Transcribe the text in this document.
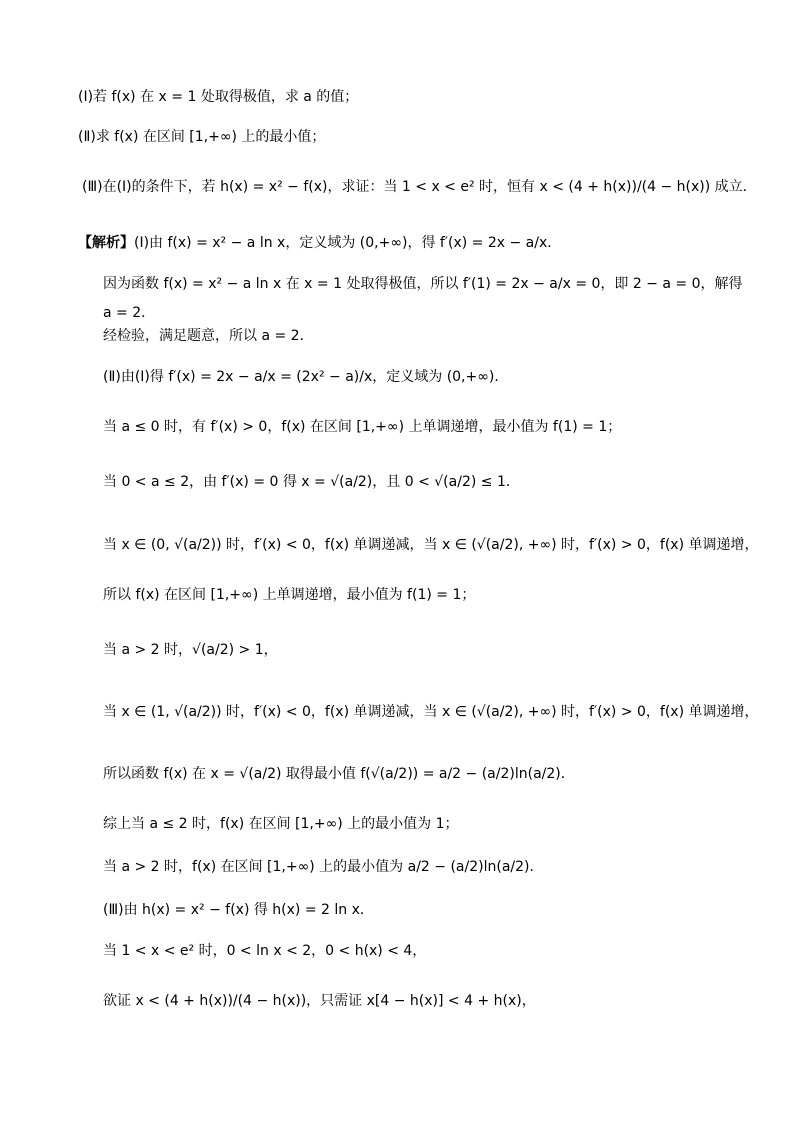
(Ⅰ)若 f(x) 在 x = 1 处取得极值，求 a 的值；
(Ⅱ)求 f(x) 在区间 [1,+∞) 上的最小值；
(Ⅲ)在(Ⅰ)的条件下，若 h(x) = x² − f(x)，求证：当 1 < x < e² 时，恒有 x < (4 + h(x))/(4 − h(x)) 成立．
【解析】(Ⅰ)由 f(x) = x² − a ln x，定义域为 (0,+∞)，得 f′(x) = 2x − a/x．
因为函数 f(x) = x² − a ln x 在 x = 1 处取得极值，所以 f′(1) = 2x − a/x = 0，即 2 − a = 0，解得
a = 2．
经检验，满足题意，所以 a = 2．
(Ⅱ)由(Ⅰ)得 f′(x) = 2x − a/x = (2x² − a)/x，定义域为 (0,+∞)．
当 a ≤ 0 时，有 f′(x) > 0，f(x) 在区间 [1,+∞) 上单调递增，最小值为 f(1) = 1；
当 0 < a ≤ 2，由 f′(x) = 0 得 x = √(a/2)，且 0 < √(a/2) ≤ 1．
当 x ∈ (0, √(a/2)) 时，f′(x) < 0，f(x) 单调递减，当 x ∈ (√(a/2), +∞) 时，f′(x) > 0，f(x) 单调递增，
所以 f(x) 在区间 [1,+∞) 上单调递增，最小值为 f(1) = 1；
当 a > 2 时，√(a/2) > 1，
当 x ∈ (1, √(a/2)) 时，f′(x) < 0，f(x) 单调递减，当 x ∈ (√(a/2), +∞) 时，f′(x) > 0，f(x) 单调递增，
所以函数 f(x) 在 x = √(a/2) 取得最小值 f(√(a/2)) = a/2 − (a/2)ln(a/2)．
综上当 a ≤ 2 时，f(x) 在区间 [1,+∞) 上的最小值为 1；
当 a > 2 时，f(x) 在区间 [1,+∞) 上的最小值为 a/2 − (a/2)ln(a/2)．
(Ⅲ)由 h(x) = x² − f(x) 得 h(x) = 2 ln x．
当 1 < x < e² 时，0 < ln x < 2，0 < h(x) < 4，
欲证 x < (4 + h(x))/(4 − h(x))，只需证 x[4 − h(x)] < 4 + h(x)，
